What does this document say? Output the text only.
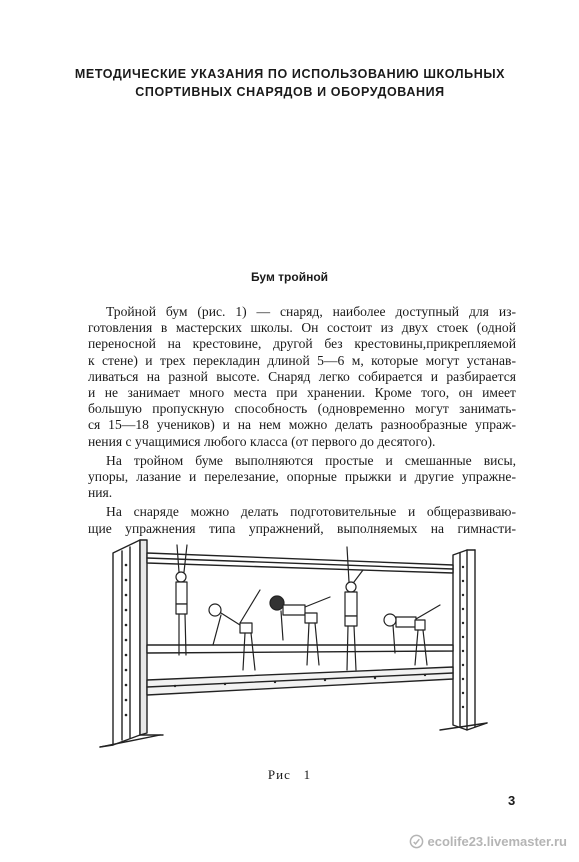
МЕТОДИЧЕСКИЕ УКАЗАНИЯ ПО ИСПОЛЬЗОВАНИЮ ШКОЛЬНЫХ
СПОРТИВНЫХ СНАРЯДОВ И ОБОРУДОВАНИЯ
Бум тройной

Тройной бум (рис. 1) — снаряд, наиболее доступный для из-
готовления в мастерских школы. Он состоит из двух стоек (одной
переносной на крестовине, другой без крестовины,прикрепляемой
к стене) и трех перекладин длиной 5—6 м, которые могут устанав-
ливаться на разной высоте. Снаряд легко собирается и разбирается
и не занимает много места при хранении. Кроме того, он имеет
большую пропускную способность (одновременно могут занимать-
ся 15—18 учеников) и на нем можно делать разнообразные упраж-
нения с учащимися любого класса (от первого до десятого).

На тройном буме выполняются простые и смешанные висы,
упоры, лазание и перелезание, опорные прыжки и другие упражне-
ния.

На снаряде можно делать подготовительные и общеразвиваю-
щие упражнения типа упражнений, выполняемых на гимнасти-

Рис   1
3
ecolife23.livemaster.ru
